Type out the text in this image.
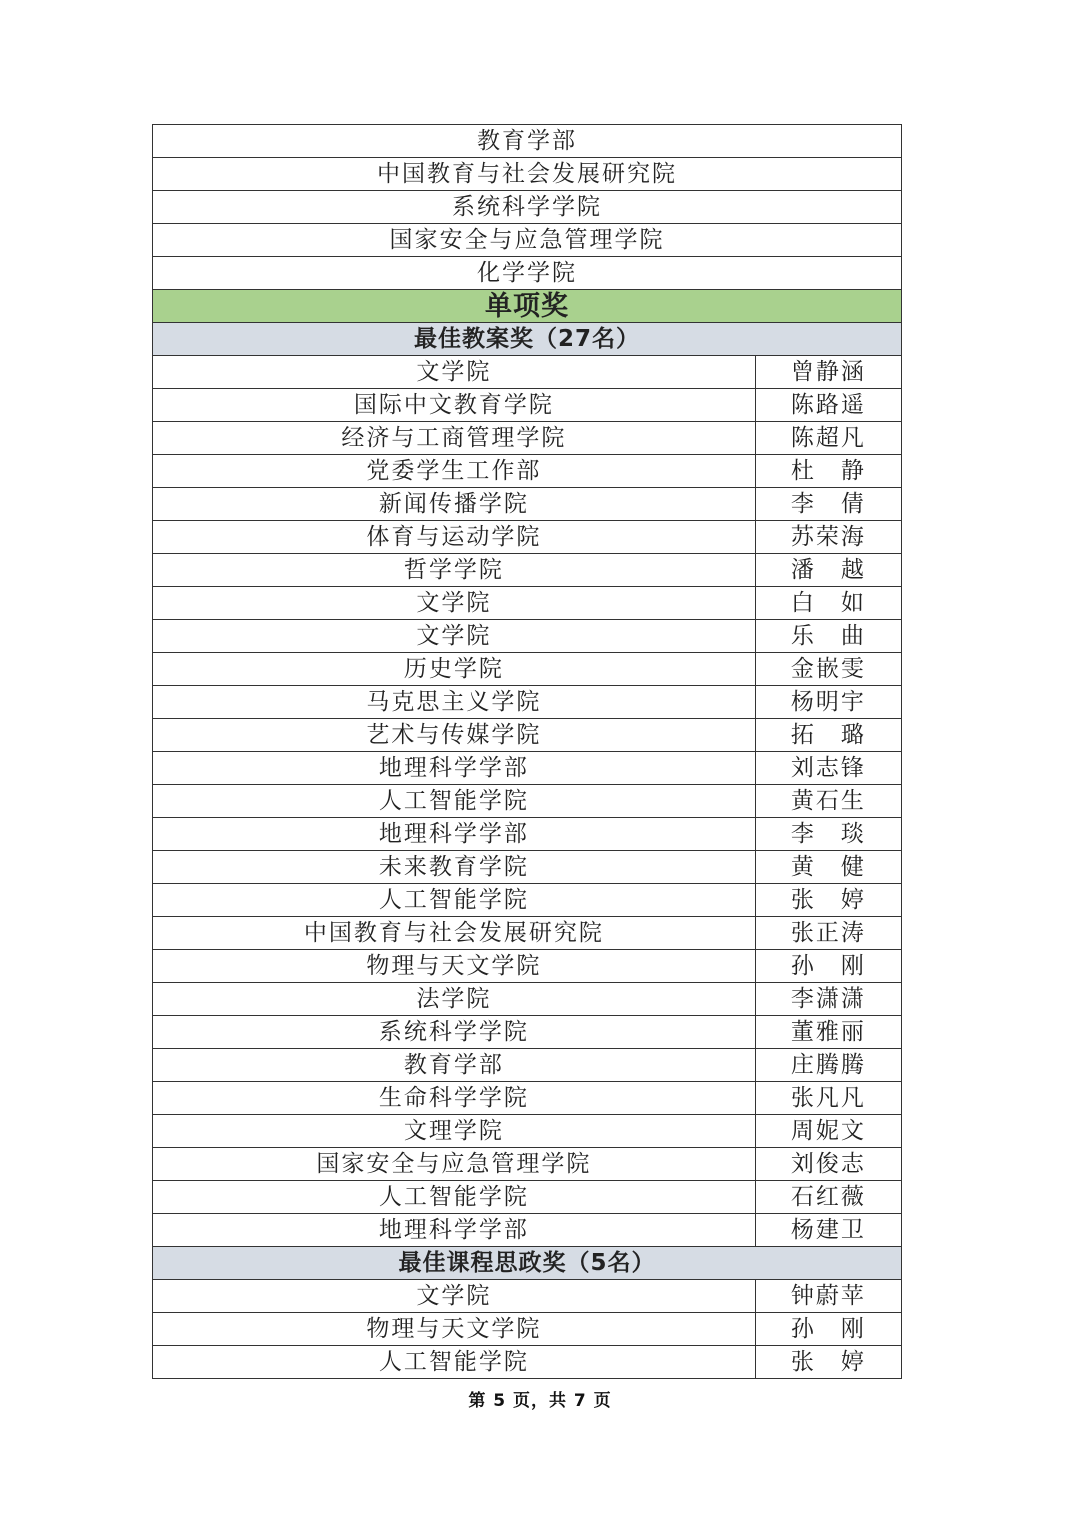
教育学部	
中国教育与社会发展研究院	
系统科学学院	
国家安全与应急管理学院	
化学学院	
单项奖	
最佳教案奖（27名）	
文学院	曾静涵
国际中文教育学院	陈路遥
经济与工商管理学院	陈超凡
党委学生工作部	杜　静
新闻传播学院	李　倩
体育与运动学院	苏荣海
哲学学院	潘　越
文学院	白　如
文学院	乐　曲
历史学院	金嵌雯
马克思主义学院	杨明宇
艺术与传媒学院	拓　璐
地理科学学部	刘志锋
人工智能学院	黄石生
地理科学学部	李　琰
未来教育学院	黄　健
人工智能学院	张　婷
中国教育与社会发展研究院	张正涛
物理与天文学院	孙　刚
法学院	李潇潇
系统科学学院	董雅丽
教育学部	庄腾腾
生命科学学院	张凡凡
文理学院	周妮文
国家安全与应急管理学院	刘俊志
人工智能学院	石红薇
地理科学学部	杨建卫
最佳课程思政奖（5名）	
文学院	钟蔚苹
物理与天文学院	孙　刚
人工智能学院	张　婷
第 5 页，共 7 页
